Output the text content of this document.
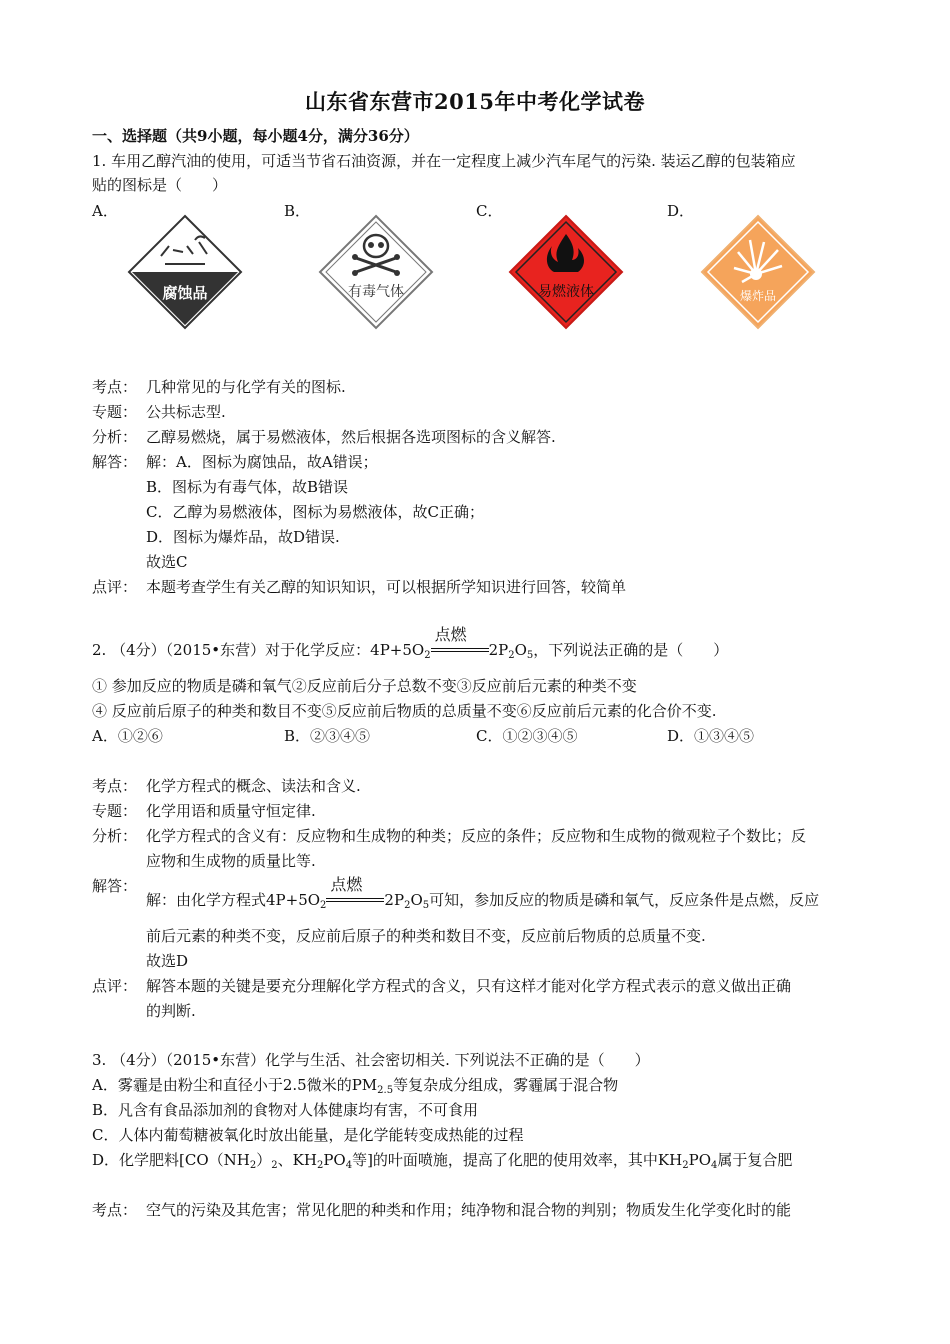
山东省东营市2015年中考化学试卷
一、选择题（共9小题，每小题4分，满分36分）
1. 车用乙醇汽油的使用，可适当节省石油资源，并在一定程度上减少汽车尾气的污染. 装运乙醇的包装箱应
贴的图标是（　　）
A．	B．	C．	D．
腐蚀品	有毒气体	易燃液体	爆炸品
考点： 几种常见的与化学有关的图标.
专题： 公共标志型.
分析： 乙醇易燃烧，属于易燃液体，然后根据各选项图标的含义解答.
解答： 解：A．图标为腐蚀品，故A错误；
B．图标为有毒气体，故B错误
C．乙醇为易燃液体，图标为易燃液体，故C正确；
D．图标为爆炸品，故D错误.
故选C
点评： 本题考查学生有关乙醇的知识知识，可以根据所学知识进行回答，较简单
2. （4分）（2015•东营）对于化学反应：$4P+5O_2$
点燃
$2P_2O_5$，下列说法正确的是（　　）
① 参加反应的物质是磷和氧气②反应前后分子总数不变③反应前后元素的种类不变
④ 反应前后原子的种类和数目不变⑤反应前后物质的总质量不变⑥反应前后元素的化合价不变.
A．①②⑥	B．②③④⑤	C．①②③④⑤	D．①③④⑤
考点： 化学方程式的概念、读法和含义.
专题： 化学用语和质量守恒定律.
分析： 化学方程式的含义有：反应物和生成物的种类；反应的条件；反应物和生成物的微观粒子个数比；反
应物和生成物的质量比等.
解答：
解：由化学方程式$4P+5O_2$
点燃
$2P_2O_5$可知，参加反应的物质是磷和氧气，反应条件是点燃，反应
前后元素的种类不变，反应前后原子的种类和数目不变，反应前后物质的总质量不变.
故选D
点评： 解答本题的关键是要充分理解化学方程式的含义，只有这样才能对化学方程式表示的意义做出正确
的判断.
3. （4分）（2015•东营）化学与生活、社会密切相关. 下列说法不正确的是（　　）
A．雾霾是由粉尘和直径小于2.5微米的$PM_{2.5}$等复杂成分组成，雾霾属于混合物
B．凡含有食品添加剂的食物对人体健康均有害，不可食用
C．人体内葡萄糖被氧化时放出能量，是化学能转变成热能的过程
D．化学肥料[$CO(NH_2)_2$、$KH_2PO_4$等]的叶面喷施，提高了化肥的使用效率，其中$KH_2PO_4$属于复合肥
考点： 空气的污染及其危害；常见化肥的种类和作用；纯净物和混合物的判别；物质发生化学变化时的能
